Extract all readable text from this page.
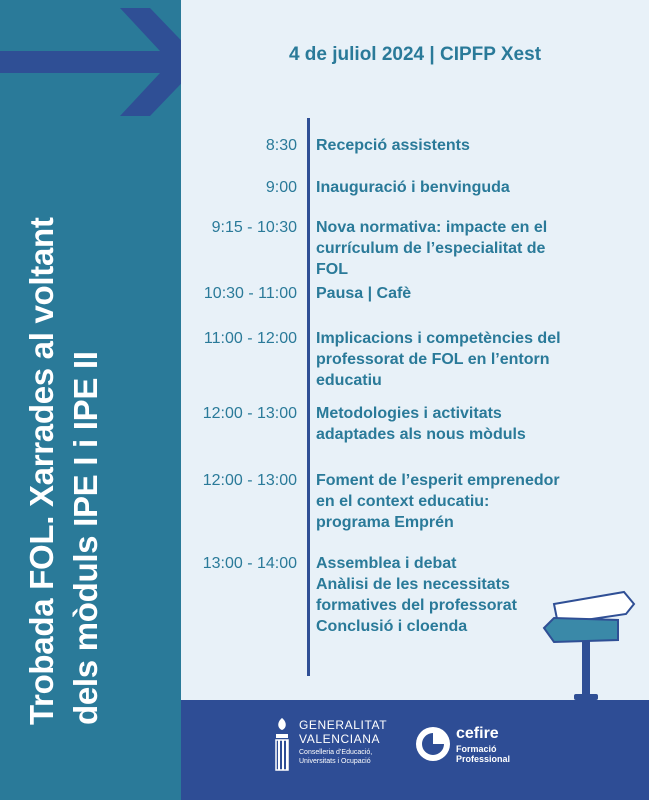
Trobada FOL. Xarrades al voltant dels mòduls IPE I i IPE II
4 de juliol 2024 | CIPFP Xest
8:30 Recepció assistents
9:00 Inauguració i benvinguda
9:15 - 10:30 Nova normativa: impacte en el
currículum de l’especialitat de
FOL
10:30 - 11:00 Pausa | Cafè
11:00 - 12:00 Implicacions i competències del
professorat de FOL en l’entorn
educatiu
12:00 - 13:00 Metodologies i activitats
adaptades als nous mòduls
12:00 - 13:00 Foment de l’esperit emprenedor
en el context educatiu:
programa Emprén
13:00 - 14:00 Assemblea i debat
Anàlisi de les necessitats
formatives del professorat
Conclusió i cloenda
GENERALITAT
VALENCIANA
Conselleria d’Educació,
Universitats i Ocupació
cefire
Formació
Professional
